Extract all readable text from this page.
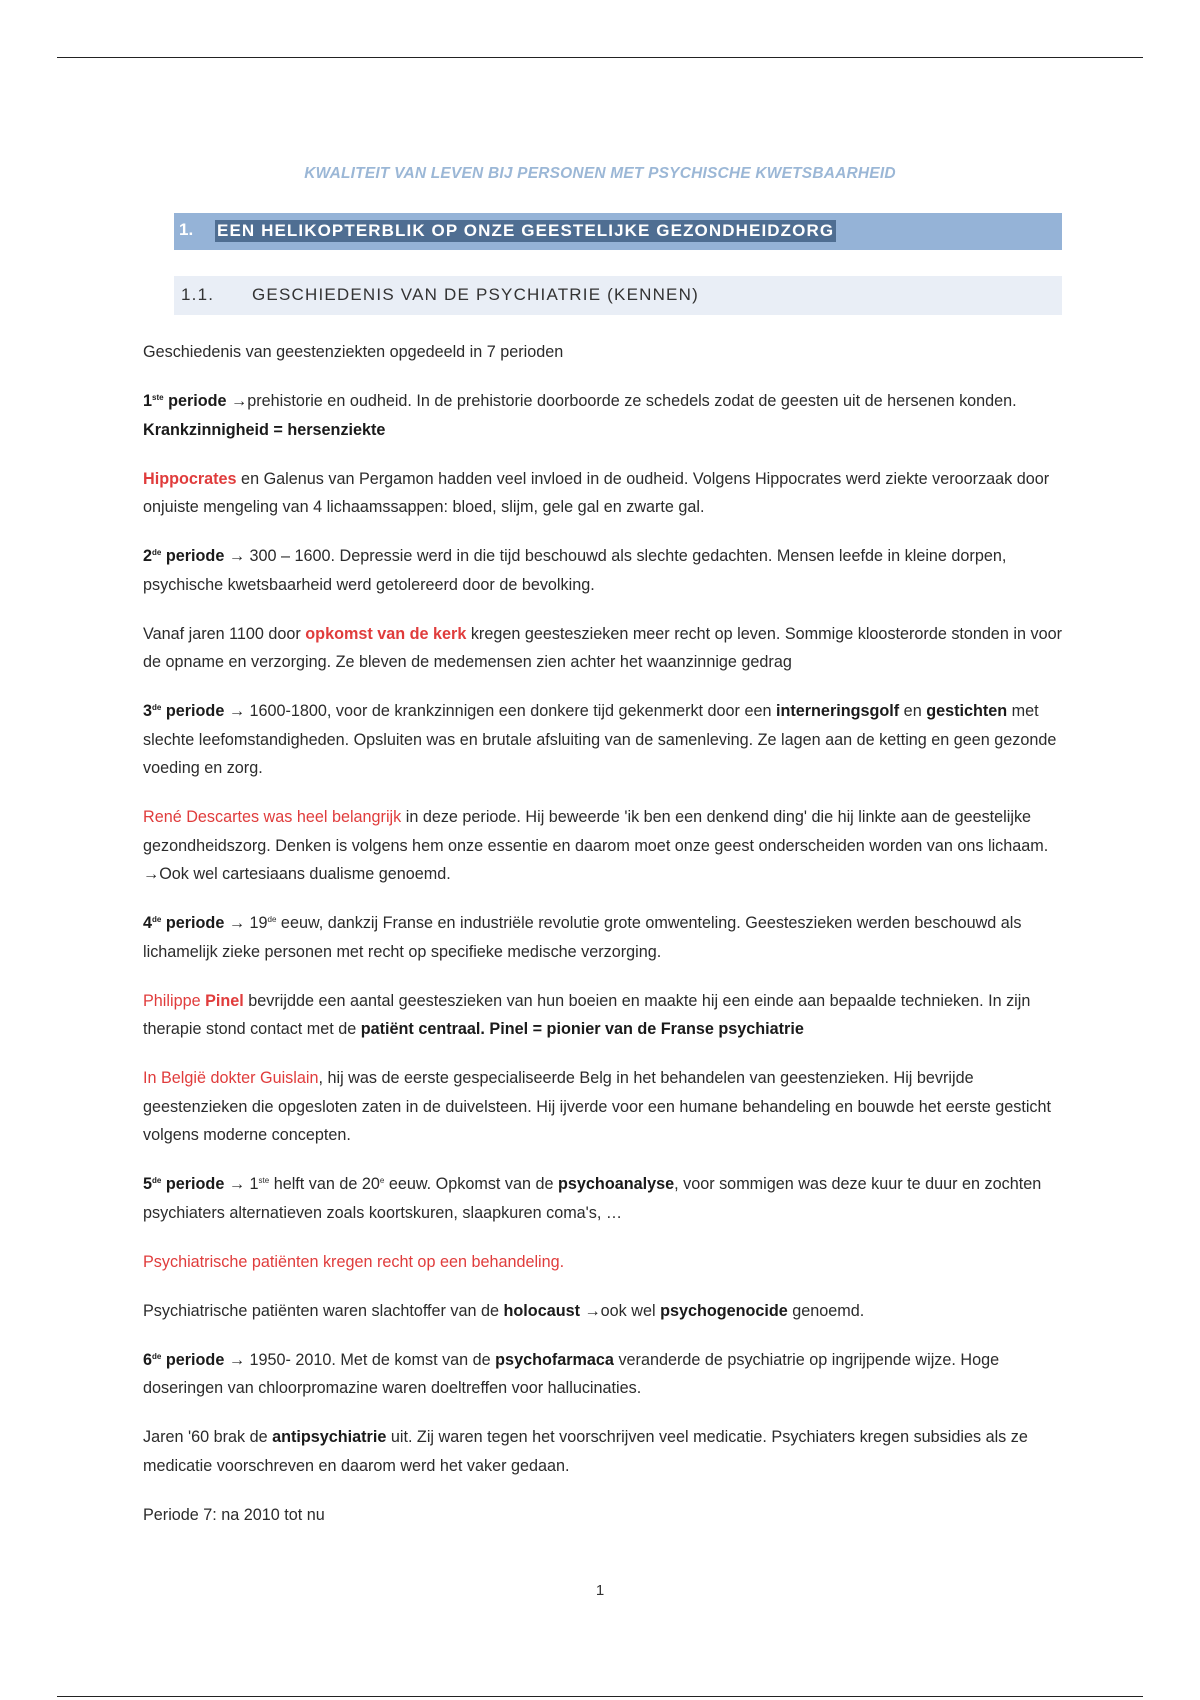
KWALITEIT VAN LEVEN BIJ PERSONEN MET PSYCHISCHE KWETSBAARHEID
1. EEN HELIKOPTERBLIK OP ONZE GEESTELIJKE GEZONDHEIDZORG
1.1. GESCHIEDENIS VAN DE PSYCHIATRIE (KENNEN)

Geschiedenis van geestenziekten opgedeeld in 7 perioden

1ste periode →prehistorie en oudheid. In de prehistorie doorboorde ze schedels zodat de geesten uit de hersenen konden. Krankzinnigheid = hersenziekte

Hippocrates en Galenus van Pergamon hadden veel invloed in de oudheid. Volgens Hippocrates werd ziekte veroorzaak door onjuiste mengeling van 4 lichaamssappen: bloed, slijm, gele gal en zwarte gal.

2de periode → 300 – 1600. Depressie werd in die tijd beschouwd als slechte gedachten. Mensen leefde in kleine dorpen, psychische kwetsbaarheid werd getolereerd door de bevolking.

Vanaf jaren 1100 door opkomst van de kerk kregen geesteszieken meer recht op leven. Sommige kloosterorde stonden in voor de opname en verzorging. Ze bleven de medemensen zien achter het waanzinnige gedrag

3de periode → 1600-1800, voor de krankzinnigen een donkere tijd gekenmerkt door een interneringsgolf en gestichten met slechte leefomstandigheden. Opsluiten was en brutale afsluiting van de samenleving. Ze lagen aan de ketting en geen gezonde voeding en zorg.

René Descartes was heel belangrijk in deze periode. Hij beweerde 'ik ben een denkend ding' die hij linkte aan de geestelijke gezondheidszorg. Denken is volgens hem onze essentie en daarom moet onze geest onderscheiden worden van ons lichaam. →Ook wel cartesiaans dualisme genoemd.

4de periode → 19de eeuw, dankzij Franse en industriële revolutie grote omwenteling. Geesteszieken werden beschouwd als lichamelijk zieke personen met recht op specifieke medische verzorging.

Philippe Pinel bevrijdde een aantal geesteszieken van hun boeien en maakte hij een einde aan bepaalde technieken. In zijn therapie stond contact met de patiënt centraal. Pinel = pionier van de Franse psychiatrie

In België dokter Guislain, hij was de eerste gespecialiseerde Belg in het behandelen van geestenzieken. Hij bevrijde geestenzieken die opgesloten zaten in de duivelsteen. Hij ijverde voor een humane behandeling en bouwde het eerste gesticht volgens moderne concepten.

5de periode → 1ste helft van de 20e eeuw. Opkomst van de psychoanalyse, voor sommigen was deze kuur te duur en zochten psychiaters alternatieven zoals koortskuren, slaapkuren coma's, …

Psychiatrische patiënten kregen recht op een behandeling.

Psychiatrische patiënten waren slachtoffer van de holocaust →ook wel psychogenocide genoemd.

6de periode → 1950- 2010. Met de komst van de psychofarmaca veranderde de psychiatrie op ingrijpende wijze. Hoge doseringen van chloorpromazine waren doeltreffen voor hallucinaties.

Jaren '60 brak de antipsychiatrie uit. Zij waren tegen het voorschrijven veel medicatie. Psychiaters kregen subsidies als ze medicatie voorschreven en daarom werd het vaker gedaan.

Periode 7: na 2010 tot nu

1
